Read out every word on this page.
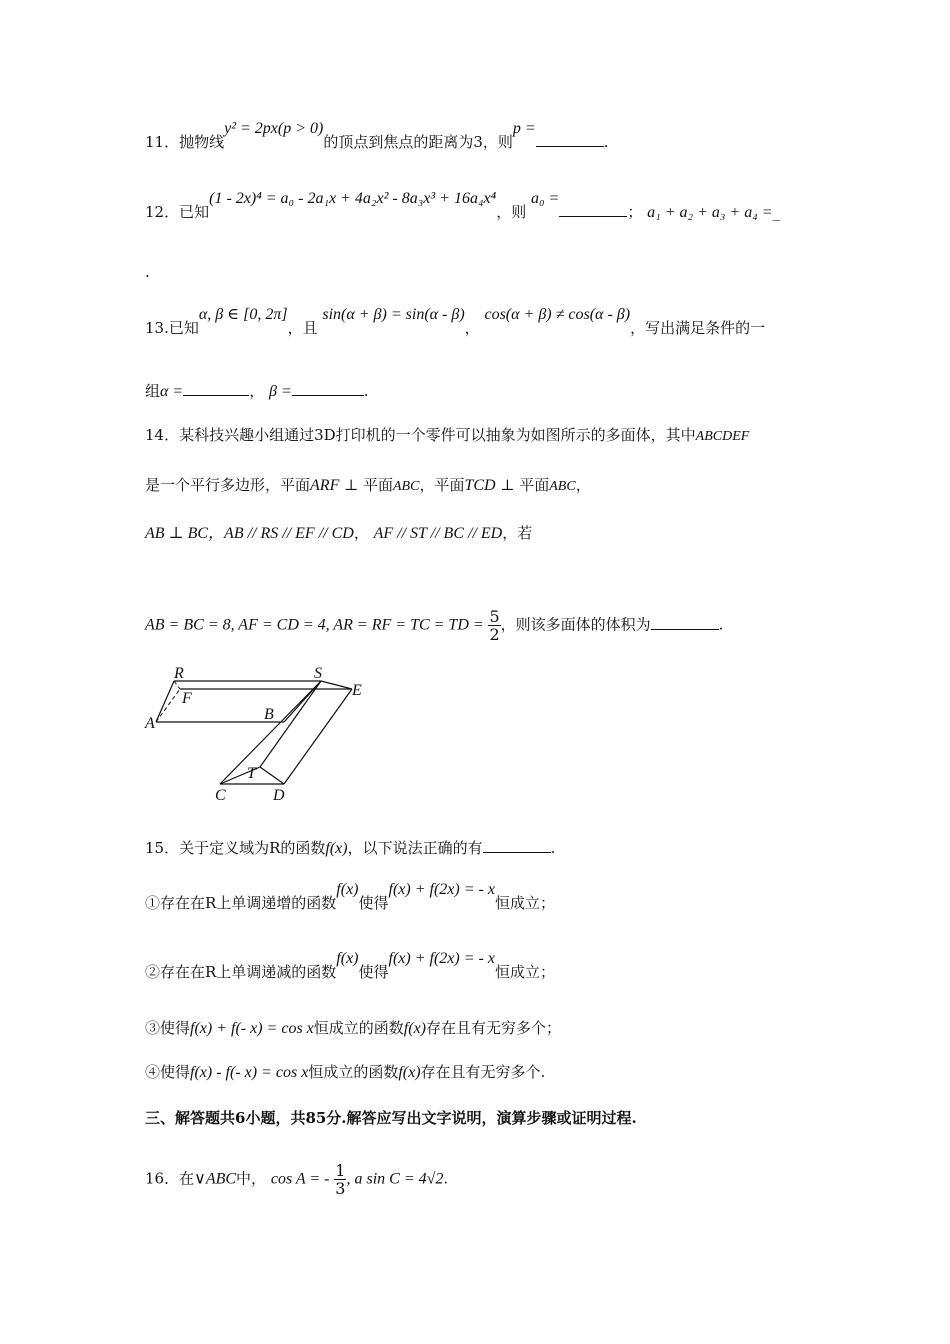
11．抛物线y² = 2px(p > 0)的顶点到焦点的距离为3，则p =.
12．已知(1 - 2x)⁴ = a₀ - 2a₁x + 4a₂x² - 8a₃x³ + 16a₄x⁴，则 a₀ =； a₁ + a₂ + a₃ + a₄ =_
.
13.已知α, β ∈ [0, 2π]，且 sin(α + β) = sin(α - β)， cos(α + β) ≠ cos(α - β)，写出满足条件的一
组α =	， β =	.
14．某科技兴趣小组通过3D打印机的一个零件可以抽象为如图所示的多面体，其中ABCDEF
是一个平行多边形，平面ARF ⊥ 平面ABC，平面TCD ⊥ 平面ABC，
AB ⊥ BC，AB // RS // EF // CD， AF // ST // BC // ED，若
AB = BC = 8, AF = CD = 4, AR = RF = TC = TD = $\frac{5}{2}$ ，则该多面体的体积为	.
R	S
E
F
A
B
T
C	D
15．关于定义域为R的函数f(x)，以下说法正确的有	.
①存在在R上单调递增的函数f(x)使得f(x) + f(2x) = - x恒成立；
②存在在R上单调递减的函数f(x)使得f(x) + f(2x) = - x恒成立；
③使得f(x) + f(- x) = cos x恒成立的函数f(x)存在且有无穷多个；
④使得f(x) - f(- x) = cos x恒成立的函数f(x)存在且有无穷多个.
三、解答题共6小题，共85分.解答应写出文字说明，演算步骤或证明过程.
16．在∨ABC中， cos A = - $\frac{1}{3}$ , a sin C = 4√2.
